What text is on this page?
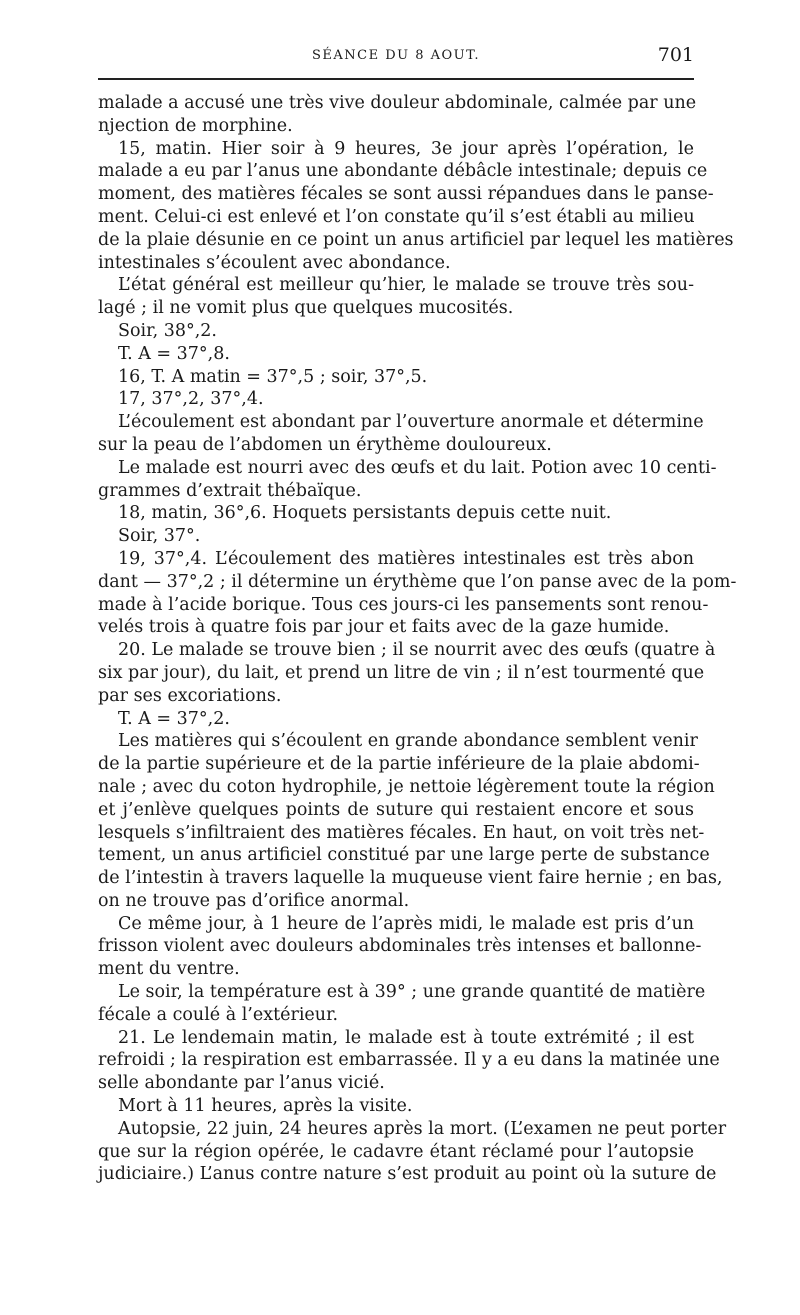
SÉANCE DU 8 AOUT.	701
malade a accusé une très vive douleur abdominale, calmée par une
njection de morphine.
15, matin. Hier soir à 9 heures, 3e jour après l’opération, le
malade a eu par l’anus une abondante débâcle intestinale; depuis ce
moment, des matières fécales se sont aussi répandues dans le panse-
ment. Celui-ci est enlevé et l’on constate qu’il s’est établi au milieu
de la plaie désunie en ce point un anus artificiel par lequel les matières
intestinales s’écoulent avec abondance.
L’état général est meilleur qu’hier, le malade se trouve très sou-
lagé ; il ne vomit plus que quelques mucosités.
Soir, 38°,2.
T. A = 37°,8.
16, T. A matin = 37°,5 ; soir, 37°,5.
17, 37°,2, 37°,4.
L’écoulement est abondant par l’ouverture anormale et détermine
sur la peau de l’abdomen un érythème douloureux.
Le malade est nourri avec des œufs et du lait. Potion avec 10 centi-
grammes d’extrait thébaïque.
18, matin, 36°,6. Hoquets persistants depuis cette nuit.
Soir, 37°.
19, 37°,4. L’écoulement des matières intestinales est très abon
dant — 37°,2 ; il détermine un érythème que l’on panse avec de la pom-
made à l’acide borique. Tous ces jours-ci les pansements sont renou-
velés trois à quatre fois par jour et faits avec de la gaze humide.
20. Le malade se trouve bien ; il se nourrit avec des œufs (quatre à
six par jour), du lait, et prend un litre de vin ; il n’est tourmenté que
par ses excoriations.
T. A = 37°,2.
Les matières qui s’écoulent en grande abondance semblent venir
de la partie supérieure et de la partie inférieure de la plaie abdomi-
nale ; avec du coton hydrophile, je nettoie légèrement toute la région
et j’enlève quelques points de suture qui restaient encore et sous
lesquels s’infiltraient des matières fécales. En haut, on voit très net-
tement, un anus artificiel constitué par une large perte de substance
de l’intestin à travers laquelle la muqueuse vient faire hernie ; en bas,
on ne trouve pas d’orifice anormal.
Ce même jour, à 1 heure de l’après midi, le malade est pris d’un
frisson violent avec douleurs abdominales très intenses et ballonne-
ment du ventre.
Le soir, la température est à 39° ; une grande quantité de matière
fécale a coulé à l’extérieur.
21. Le lendemain matin, le malade est à toute extrémité ; il est
refroidi ; la respiration est embarrassée. Il y a eu dans la matinée une
selle abondante par l’anus vicié.
Mort à 11 heures, après la visite.
Autopsie, 22 juin, 24 heures après la mort. (L’examen ne peut porter
que sur la région opérée, le cadavre étant réclamé pour l’autopsie
judiciaire.) L’anus contre nature s’est produit au point où la suture de
